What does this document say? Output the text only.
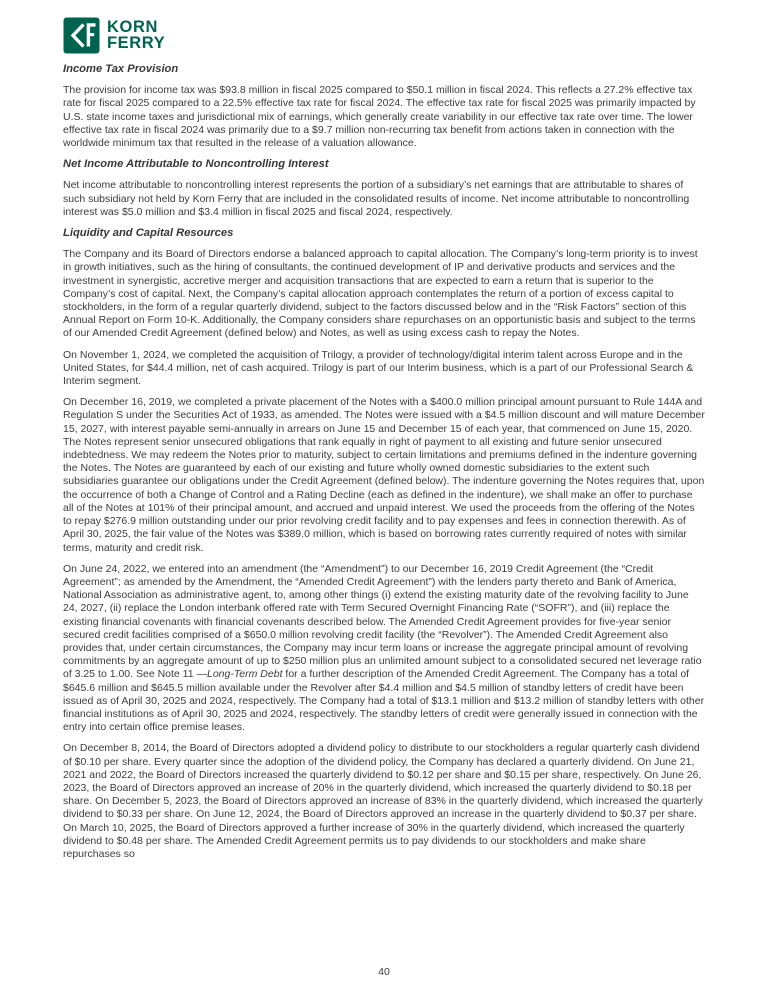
KORN
FERRY
Income Tax Provision

The provision for income tax was $93.8 million in fiscal 2025 compared to $50.1 million in fiscal 2024. This reflects a 27.2% effective tax rate for fiscal 2025 compared to a 22.5% effective tax rate for fiscal 2024. The effective tax rate for fiscal 2025 was primarily impacted by U.S. state income taxes and jurisdictional mix of earnings, which generally create variability in our effective tax rate over time. The lower effective tax rate in fiscal 2024 was primarily due to a $9.7 million non-recurring tax benefit from actions taken in connection with the worldwide minimum tax that resulted in the release of a valuation allowance.

Net Income Attributable to Noncontrolling Interest

Net income attributable to noncontrolling interest represents the portion of a subsidiary’s net earnings that are attributable to shares of such subsidiary not held by Korn Ferry that are included in the consolidated results of income. Net income attributable to noncontrolling interest was $5.0 million and $3.4 million in fiscal 2025 and fiscal 2024, respectively.

Liquidity and Capital Resources

The Company and its Board of Directors endorse a balanced approach to capital allocation. The Company’s long-term priority is to invest in growth initiatives, such as the hiring of consultants, the continued development of IP and derivative products and services and the investment in synergistic, accretive merger and acquisition transactions that are expected to earn a return that is superior to the Company’s cost of capital. Next, the Company’s capital allocation approach contemplates the return of a portion of excess capital to stockholders, in the form of a regular quarterly dividend, subject to the factors discussed below and in the “Risk Factors” section of this Annual Report on Form 10-K. Additionally, the Company considers share repurchases on an opportunistic basis and subject to the terms of our Amended Credit Agreement (defined below) and Notes, as well as using excess cash to repay the Notes.

On November 1, 2024, we completed the acquisition of Trilogy, a provider of technology/digital interim talent across Europe and in the United States, for $44.4 million, net of cash acquired. Trilogy is part of our Interim business, which is a part of our Professional Search & Interim segment.

On December 16, 2019, we completed a private placement of the Notes with a $400.0 million principal amount pursuant to Rule 144A and Regulation S under the Securities Act of 1933, as amended. The Notes were issued with a $4.5 million discount and will mature December 15, 2027, with interest payable semi-annually in arrears on June 15 and December 15 of each year, that commenced on June 15, 2020. The Notes represent senior unsecured obligations that rank equally in right of payment to all existing and future senior unsecured indebtedness. We may redeem the Notes prior to maturity, subject to certain limitations and premiums defined in the indenture governing the Notes. The Notes are guaranteed by each of our existing and future wholly owned domestic subsidiaries to the extent such subsidiaries guarantee our obligations under the Credit Agreement (defined below). The indenture governing the Notes requires that, upon the occurrence of both a Change of Control and a Rating Decline (each as defined in the indenture), we shall make an offer to purchase all of the Notes at 101% of their principal amount, and accrued and unpaid interest. We used the proceeds from the offering of the Notes to repay $276.9 million outstanding under our prior revolving credit facility and to pay expenses and fees in connection therewith. As of April 30, 2025, the fair value of the Notes was $389.0 million, which is based on borrowing rates currently required of notes with similar terms, maturity and credit risk.

On June 24, 2022, we entered into an amendment (the “Amendment”) to our December 16, 2019 Credit Agreement (the “Credit Agreement”; as amended by the Amendment, the “Amended Credit Agreement”) with the lenders party thereto and Bank of America, National Association as administrative agent, to, among other things (i) extend the existing maturity date of the revolving facility to June 24, 2027, (ii) replace the London interbank offered rate with Term Secured Overnight Financing Rate (“SOFR”), and (iii) replace the existing financial covenants with financial covenants described below. The Amended Credit Agreement provides for five-year senior secured credit facilities comprised of a $650.0 million revolving credit facility (the “Revolver”). The Amended Credit Agreement also provides that, under certain circumstances, the Company may incur term loans or increase the aggregate principal amount of revolving commitments by an aggregate amount of up to $250 million plus an unlimited amount subject to a consolidated secured net leverage ratio of 3.25 to 1.00. See Note 11 —Long-Term Debt for a further description of the Amended Credit Agreement. The Company has a total of $645.6 million and $645.5 million available under the Revolver after $4.4 million and $4.5 million of standby letters of credit have been issued as of April 30, 2025 and 2024, respectively. The Company had a total of $13.1 million and $13.2 million of standby letters with other financial institutions as of April 30, 2025 and 2024, respectively. The standby letters of credit were generally issued in connection with the entry into certain office premise leases.

On December 8, 2014, the Board of Directors adopted a dividend policy to distribute to our stockholders a regular quarterly cash dividend of $0.10 per share. Every quarter since the adoption of the dividend policy, the Company has declared a quarterly dividend. On June 21, 2021 and 2022, the Board of Directors increased the quarterly dividend to $0.12 per share and $0.15 per share, respectively. On June 26, 2023, the Board of Directors approved an increase of 20% in the quarterly dividend, which increased the quarterly dividend to $0.18 per share. On December 5, 2023, the Board of Directors approved an increase of 83% in the quarterly dividend, which increased the quarterly dividend to $0.33 per share. On June 12, 2024, the Board of Directors approved an increase in the quarterly dividend to $0.37 per share. On March 10, 2025, the Board of Directors approved a further increase of 30% in the quarterly dividend, which increased the quarterly dividend to $0.48 per share. The Amended Credit Agreement permits us to pay dividends to our stockholders and make share repurchases so

40
